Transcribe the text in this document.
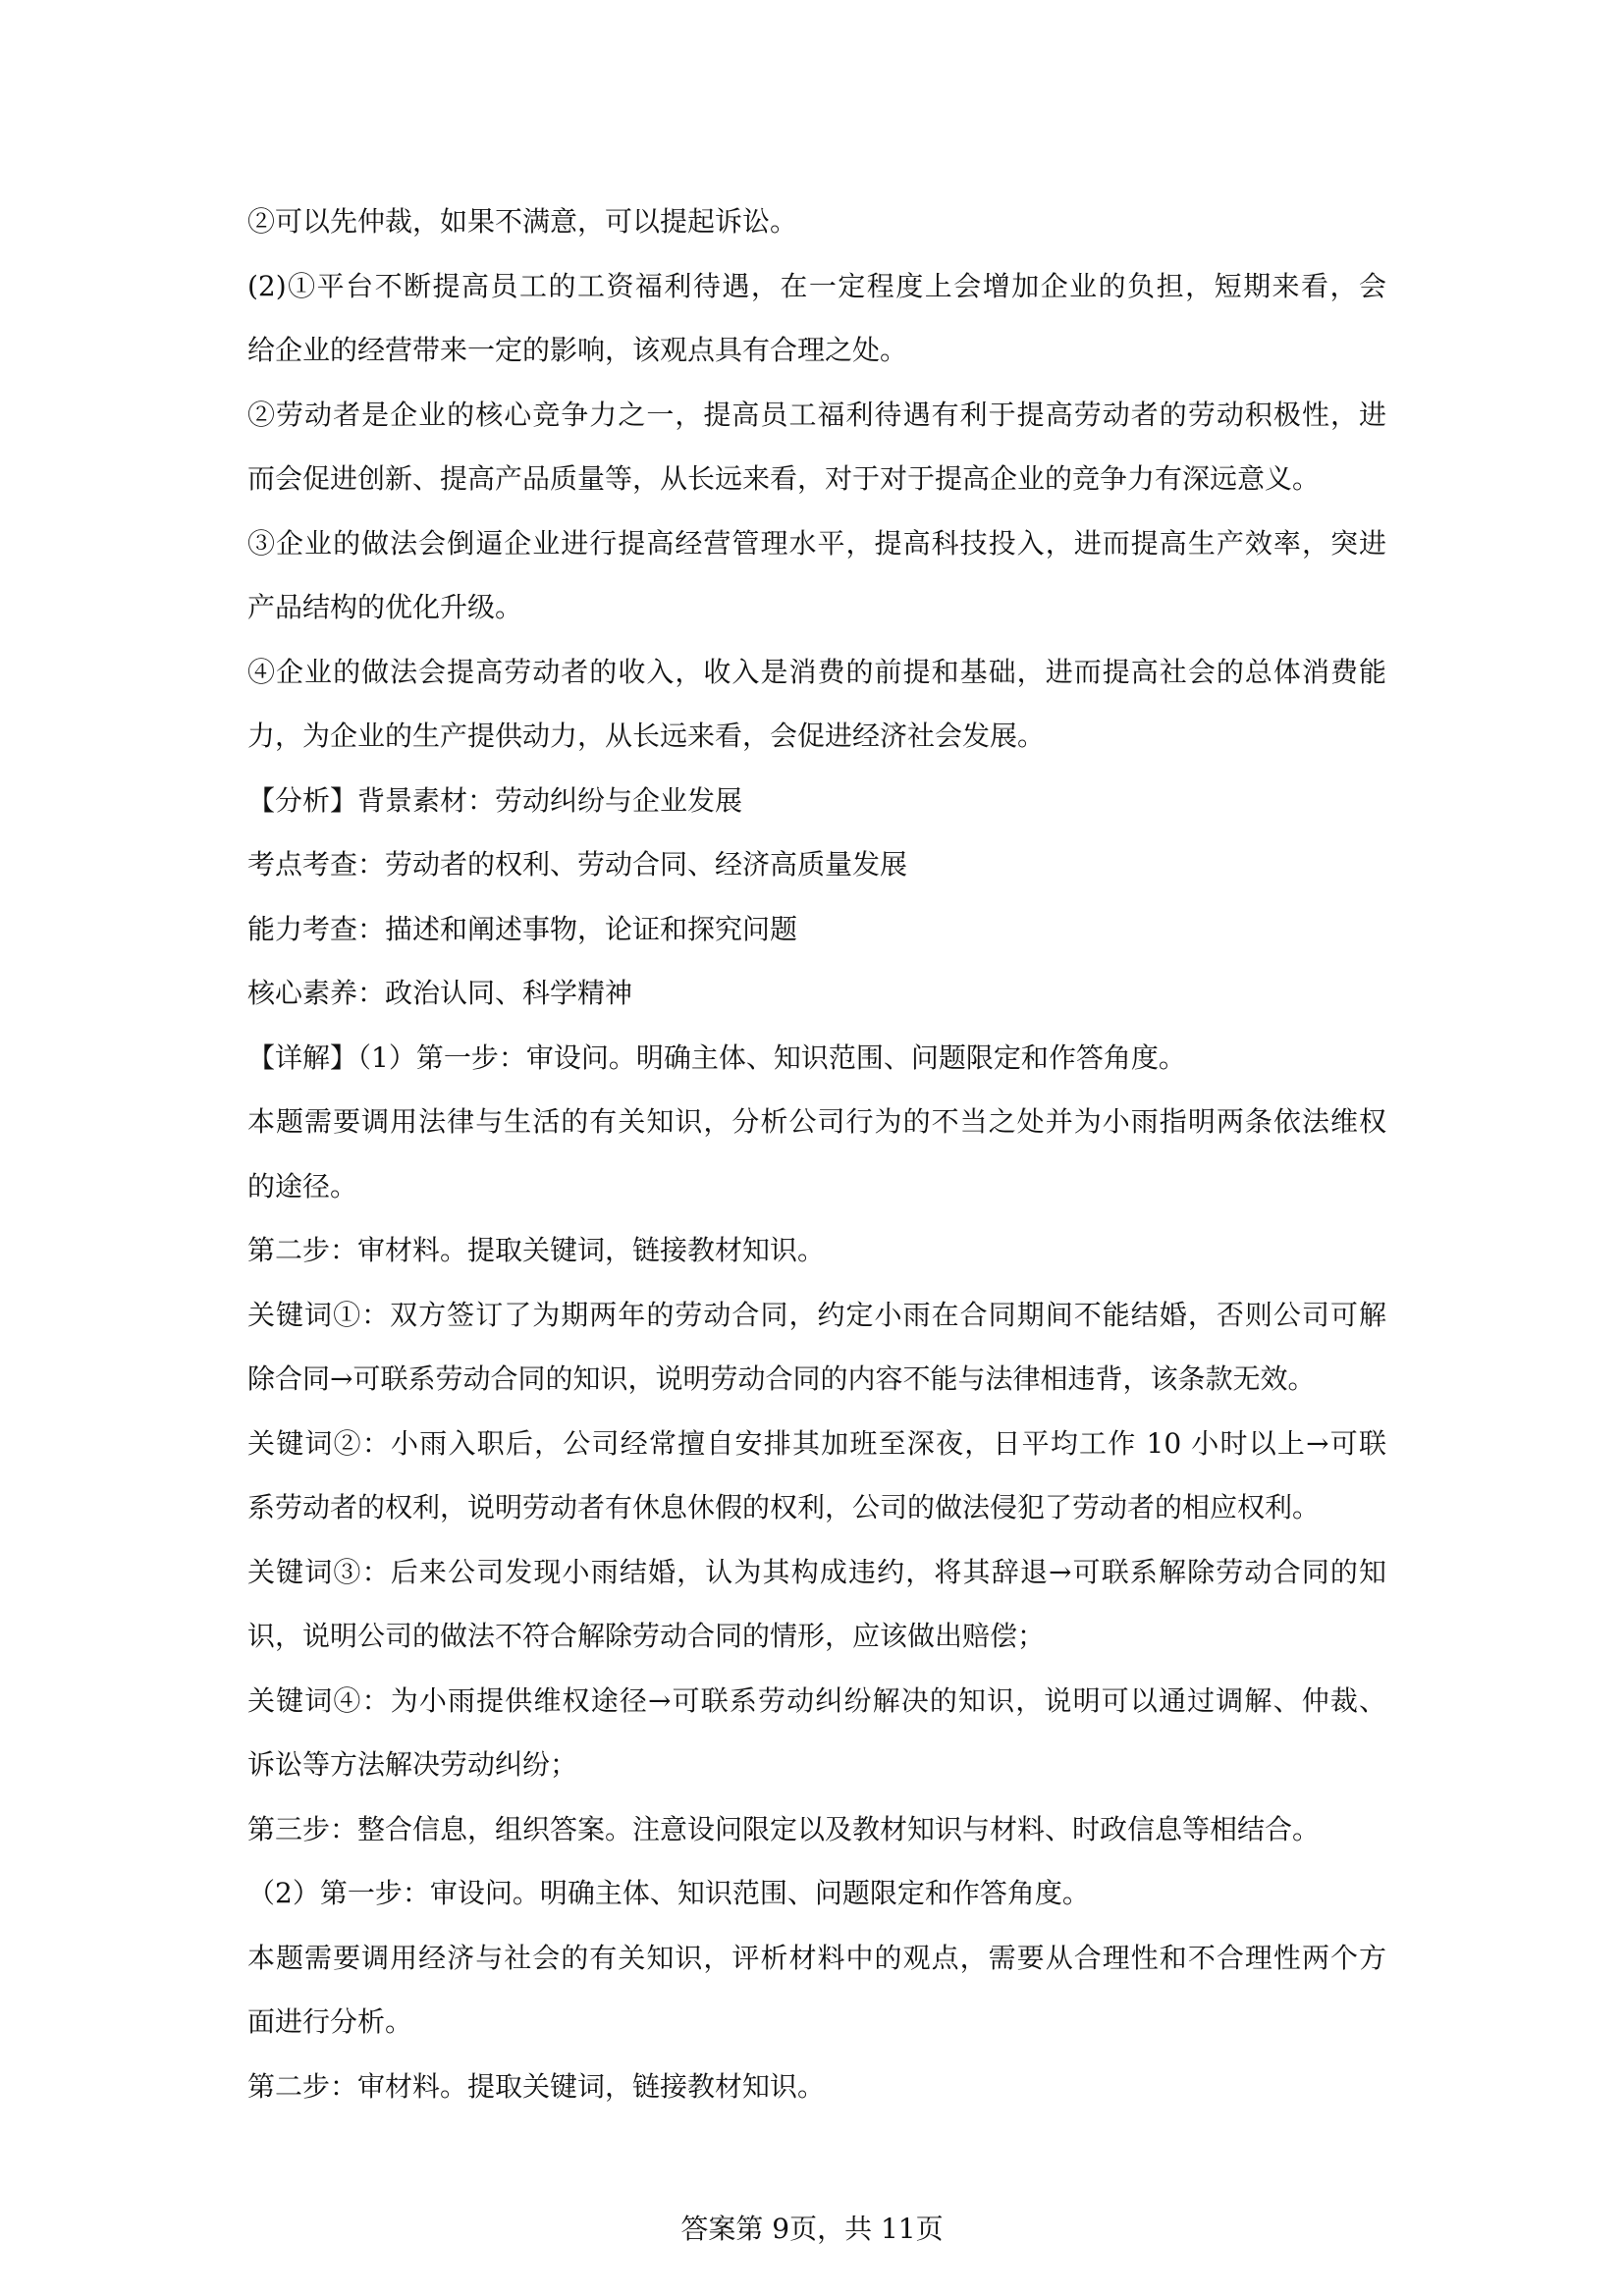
②可以先仲裁，如果不满意，可以提起诉讼。
(2)①平台不断提高员工的工资福利待遇，在一定程度上会增加企业的负担，短期来看，会
给企业的经营带来一定的影响，该观点具有合理之处。
②劳动者是企业的核心竞争力之一，提高员工福利待遇有利于提高劳动者的劳动积极性，进
而会促进创新、提高产品质量等，从长远来看，对于对于提高企业的竞争力有深远意义。
③企业的做法会倒逼企业进行提高经营管理水平，提高科技投入，进而提高生产效率，突进
产品结构的优化升级。
④企业的做法会提高劳动者的收入，收入是消费的前提和基础，进而提高社会的总体消费能
力，为企业的生产提供动力，从长远来看，会促进经济社会发展。
【分析】背景素材：劳动纠纷与企业发展
考点考查：劳动者的权利、劳动合同、经济高质量发展
能力考查：描述和阐述事物，论证和探究问题
核心素养：政治认同、科学精神
【详解】（1）第一步：审设问。明确主体、知识范围、问题限定和作答角度。
本题需要调用法律与生活的有关知识，分析公司行为的不当之处并为小雨指明两条依法维权
的途径。
第二步：审材料。提取关键词，链接教材知识。
关键词①：双方签订了为期两年的劳动合同，约定小雨在合同期间不能结婚，否则公司可解
除合同→可联系劳动合同的知识，说明劳动合同的内容不能与法律相违背，该条款无效。
关键词②：小雨入职后，公司经常擅自安排其加班至深夜，日平均工作 10 小时以上→可联
系劳动者的权利，说明劳动者有休息休假的权利，公司的做法侵犯了劳动者的相应权利。
关键词③：后来公司发现小雨结婚，认为其构成违约，将其辞退→可联系解除劳动合同的知
识，说明公司的做法不符合解除劳动合同的情形，应该做出赔偿；
关键词④：为小雨提供维权途径→可联系劳动纠纷解决的知识，说明可以通过调解、仲裁、
诉讼等方法解决劳动纠纷；
第三步：整合信息，组织答案。注意设问限定以及教材知识与材料、时政信息等相结合。
（2）第一步：审设问。明确主体、知识范围、问题限定和作答角度。
本题需要调用经济与社会的有关知识，评析材料中的观点，需要从合理性和不合理性两个方
面进行分析。
第二步：审材料。提取关键词，链接教材知识。
答案第 9页，共 11页
